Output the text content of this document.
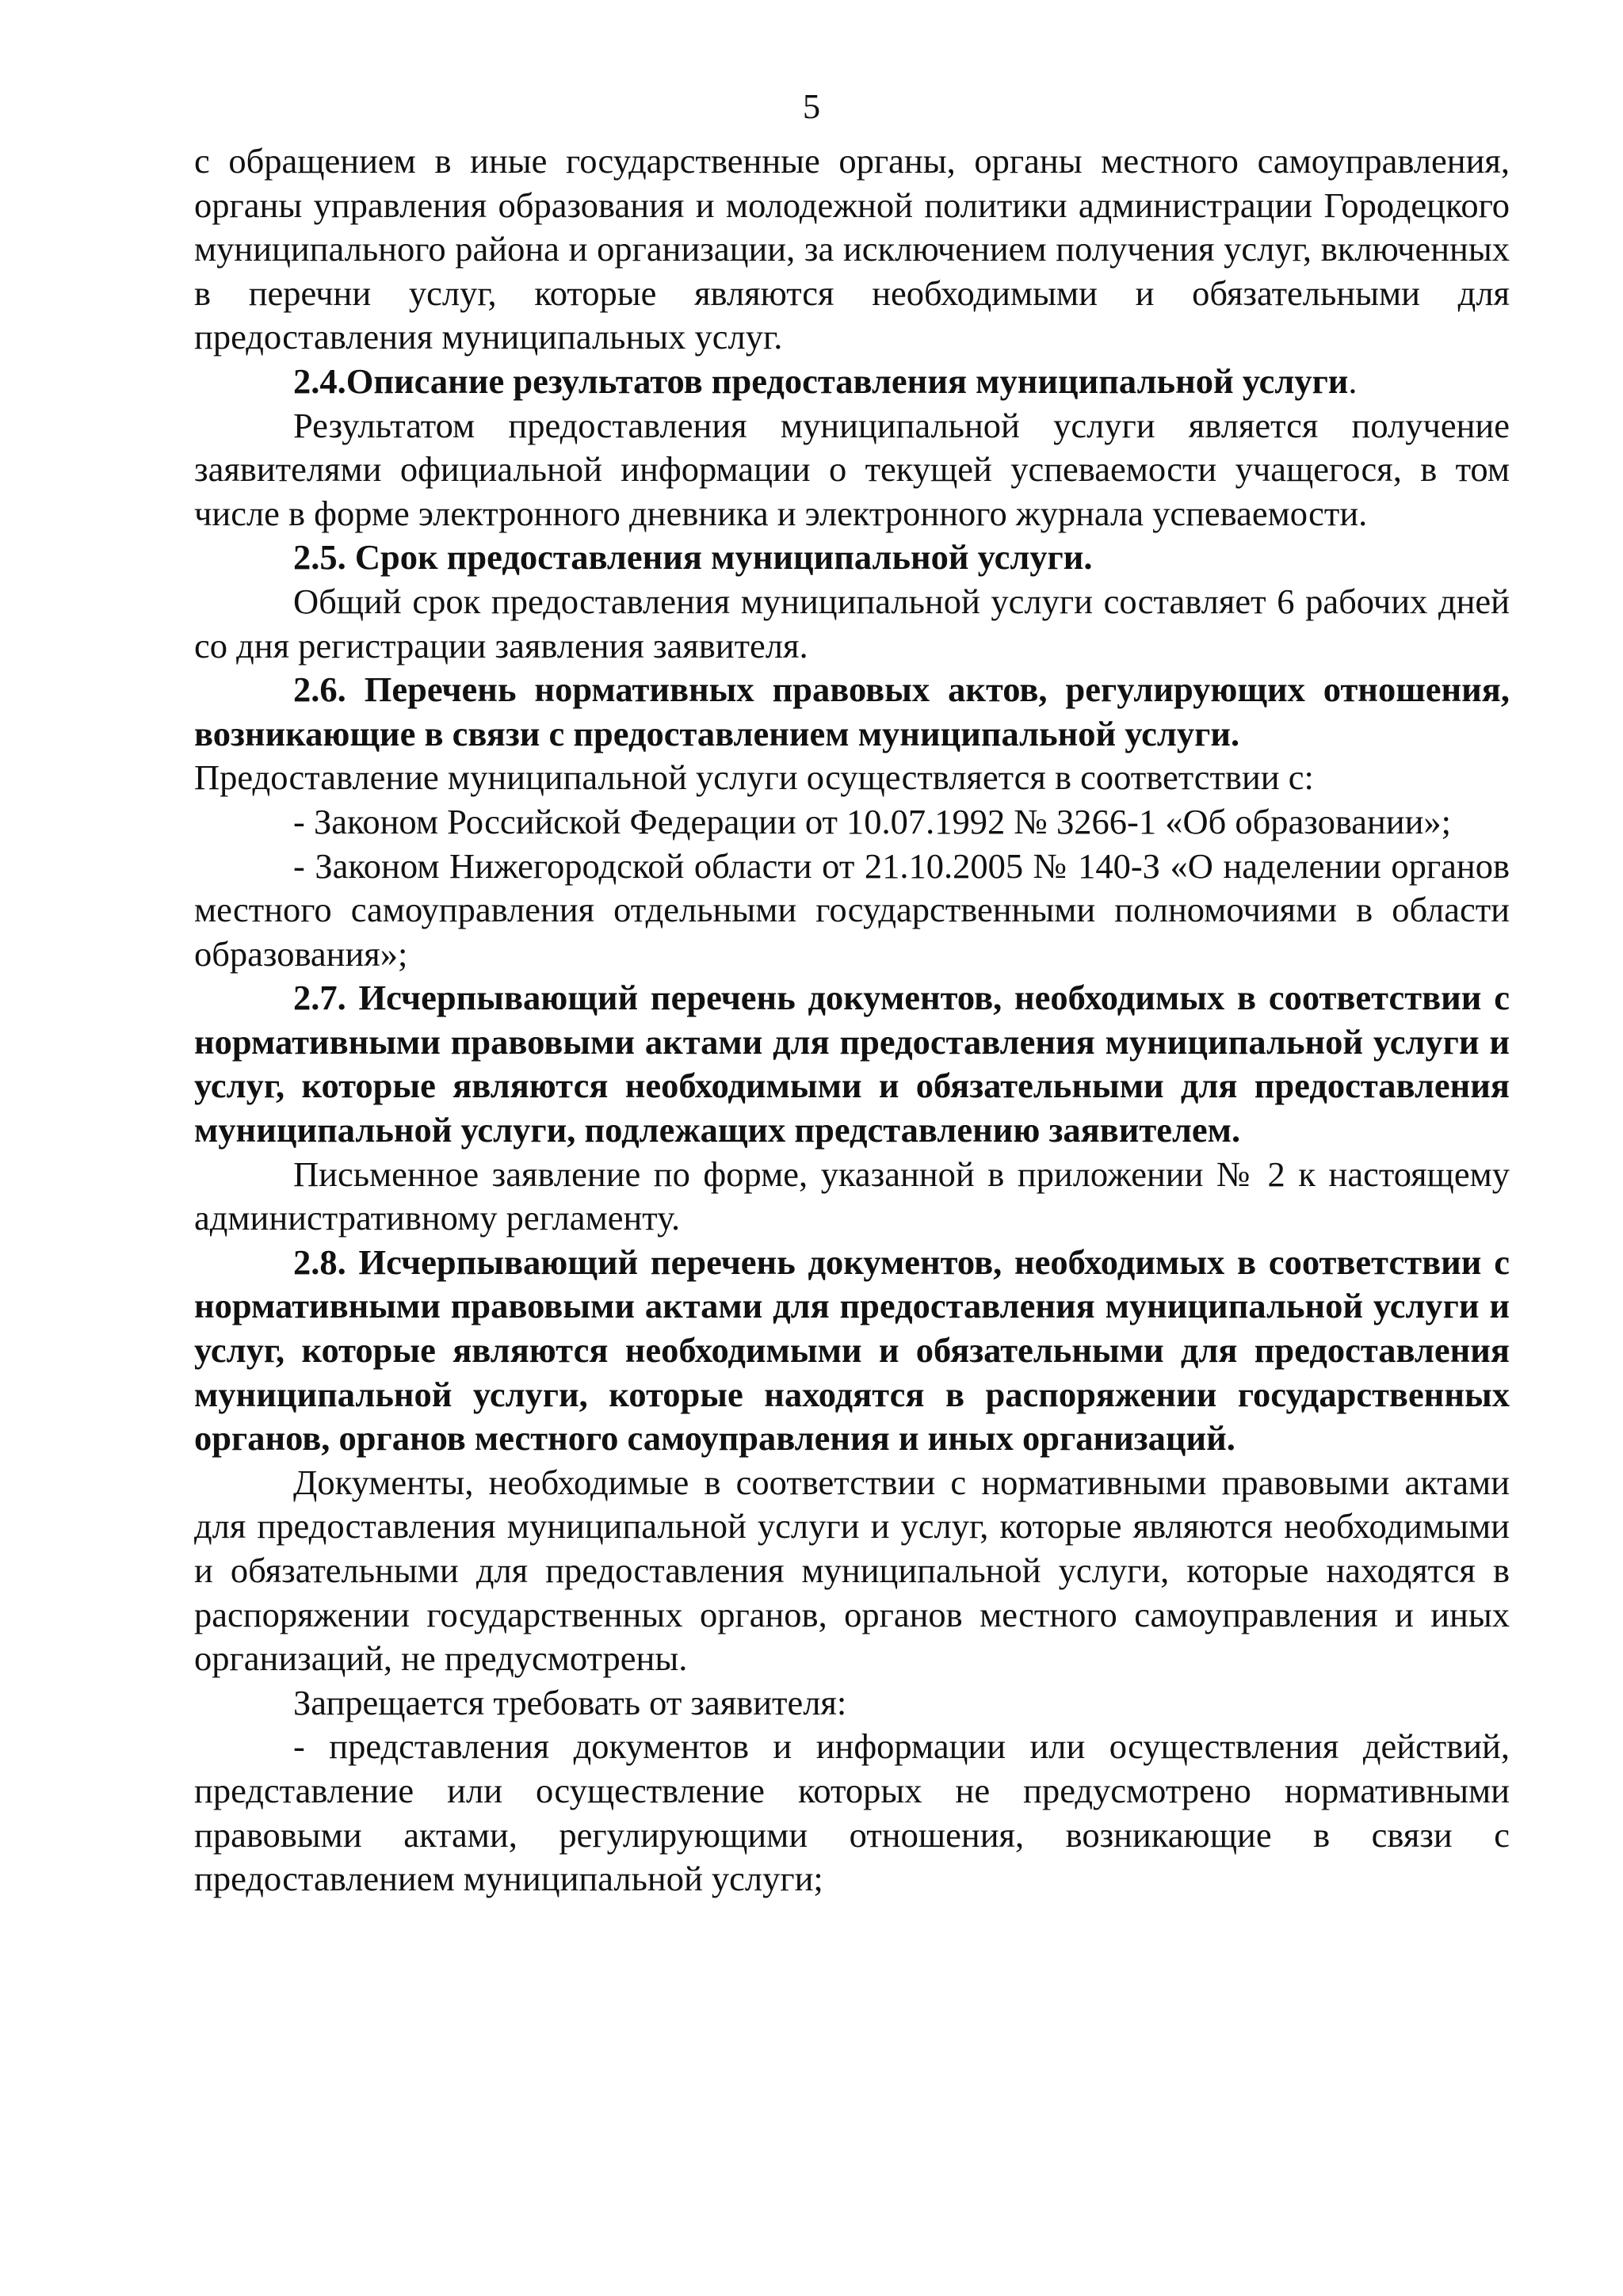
5

с обращением в иные государственные органы, органы местного самоуправления, органы управления образования и молодежной политики администрации Городецкого муниципального района и организации, за исключением получения услуг, включенных в перечни услуг, которые являются необходимыми и обязательными для предоставления муниципальных услуг.

2.4.Описание результатов предоставления муниципальной услуги.

Результатом предоставления муниципальной услуги является получение заявителями официальной информации о текущей успеваемости учащегося, в том числе в форме электронного дневника и электронного журнала успеваемости.

2.5. Срок предоставления муниципальной услуги.

Общий срок предоставления муниципальной услуги составляет 6 рабочих дней со дня регистрации заявления заявителя.

2.6. Перечень нормативных правовых актов, регулирующих отношения, возникающие в связи с предоставлением муниципальной услуги.

Предоставление муниципальной услуги осуществляется в соответствии с:

- Законом Российской Федерации от 10.07.1992 № 3266-1 «Об образовании»;

- Законом Нижегородской области от 21.10.2005 № 140-З «О наделении органов местного самоуправления отдельными государственными полномочиями в области образования»;

2.7. Исчерпывающий перечень документов, необходимых в соответствии с нормативными правовыми актами для предоставления муниципальной услуги и услуг, которые являются необходимыми и обязательными для предоставления муниципальной услуги, подлежащих представлению заявителем.

Письменное заявление по форме, указанной в приложении № 2 к настоящему административному регламенту.

2.8. Исчерпывающий перечень документов, необходимых в соответствии с нормативными правовыми актами для предоставления муниципальной услуги и услуг, которые являются необходимыми и обязательными для предоставления муниципальной услуги, которые находятся в распоряжении государственных органов, органов местного самоуправления и иных организаций.

Документы, необходимые в соответствии с нормативными правовыми актами для предоставления муниципальной услуги и услуг, которые являются необходимыми и обязательными для предоставления муниципальной услуги, которые находятся в распоряжении государственных органов, органов местного самоуправления и иных организаций, не предусмотрены.

Запрещается требовать от заявителя:

- представления документов и информации или осуществления действий, представление или осуществление которых не предусмотрено нормативными правовыми актами, регулирующими отношения, возникающие в связи с предоставлением муниципальной услуги;
